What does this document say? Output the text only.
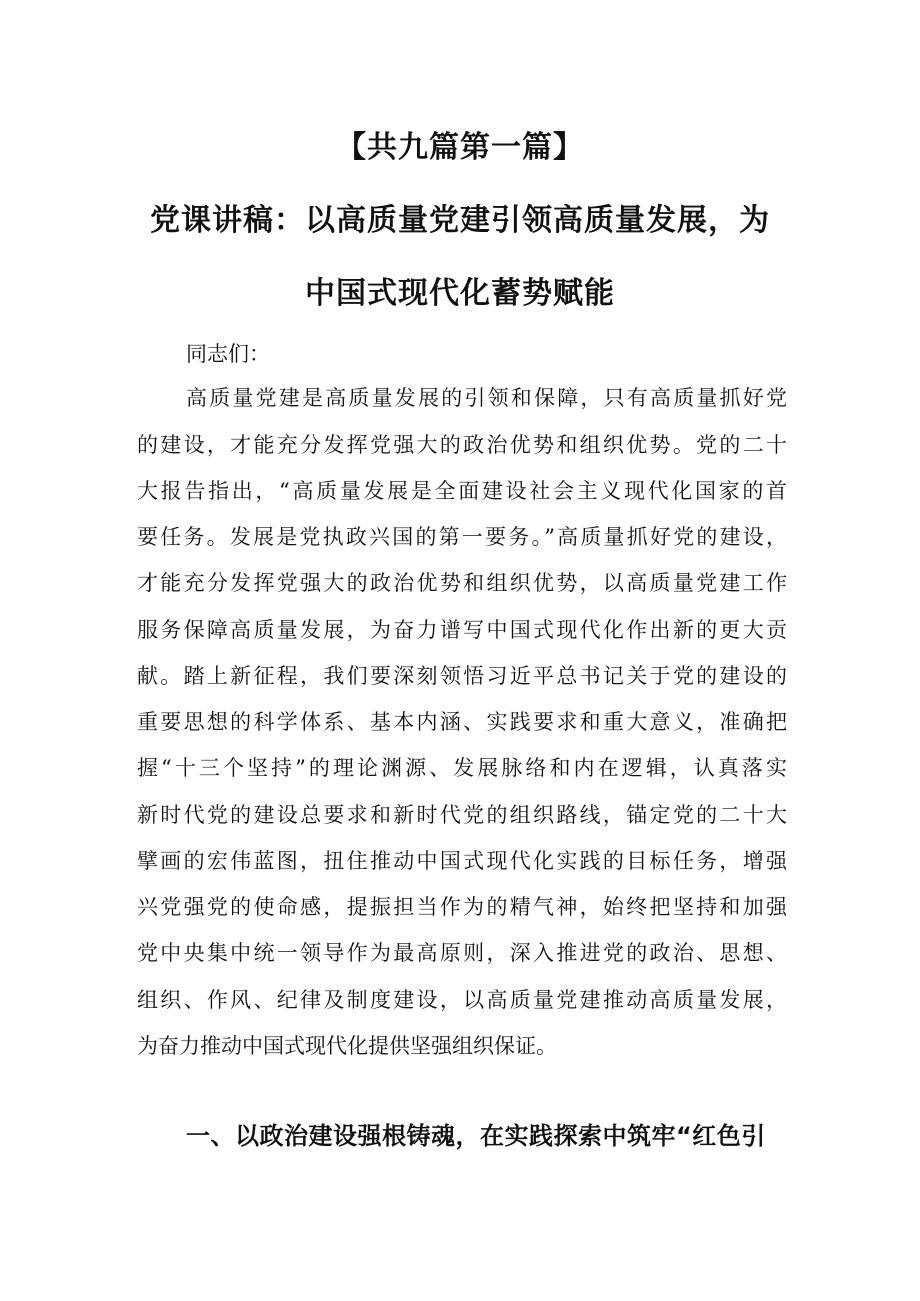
【共九篇第一篇】
党课讲稿：以高质量党建引领高质量发展，为
中国式现代化蓄势赋能
同志们：
高质量党建是高质量发展的引领和保障，只有高质量抓好党
的建设，才能充分发挥党强大的政治优势和组织优势。党的二十
大报告指出，“高质量发展是全面建设社会主义现代化国家的首
要任务。发展是党执政兴国的第一要务。”高质量抓好党的建设，
才能充分发挥党强大的政治优势和组织优势，以高质量党建工作
服务保障高质量发展，为奋力谱写中国式现代化作出新的更大贡
献。踏上新征程，我们要深刻领悟习近平总书记关于党的建设的
重要思想的科学体系、基本内涵、实践要求和重大意义，准确把
握“十三个坚持”的理论渊源、发展脉络和内在逻辑，认真落实
新时代党的建设总要求和新时代党的组织路线，锚定党的二十大
擘画的宏伟蓝图，扭住推动中国式现代化实践的目标任务，增强
兴党强党的使命感，提振担当作为的精气神，始终把坚持和加强
党中央集中统一领导作为最高原则，深入推进党的政治、思想、
组织、作风、纪律及制度建设，以高质量党建推动高质量发展，
为奋力推动中国式现代化提供坚强组织保证。
一、以政治建设强根铸魂，在实践探索中筑牢“红色引
